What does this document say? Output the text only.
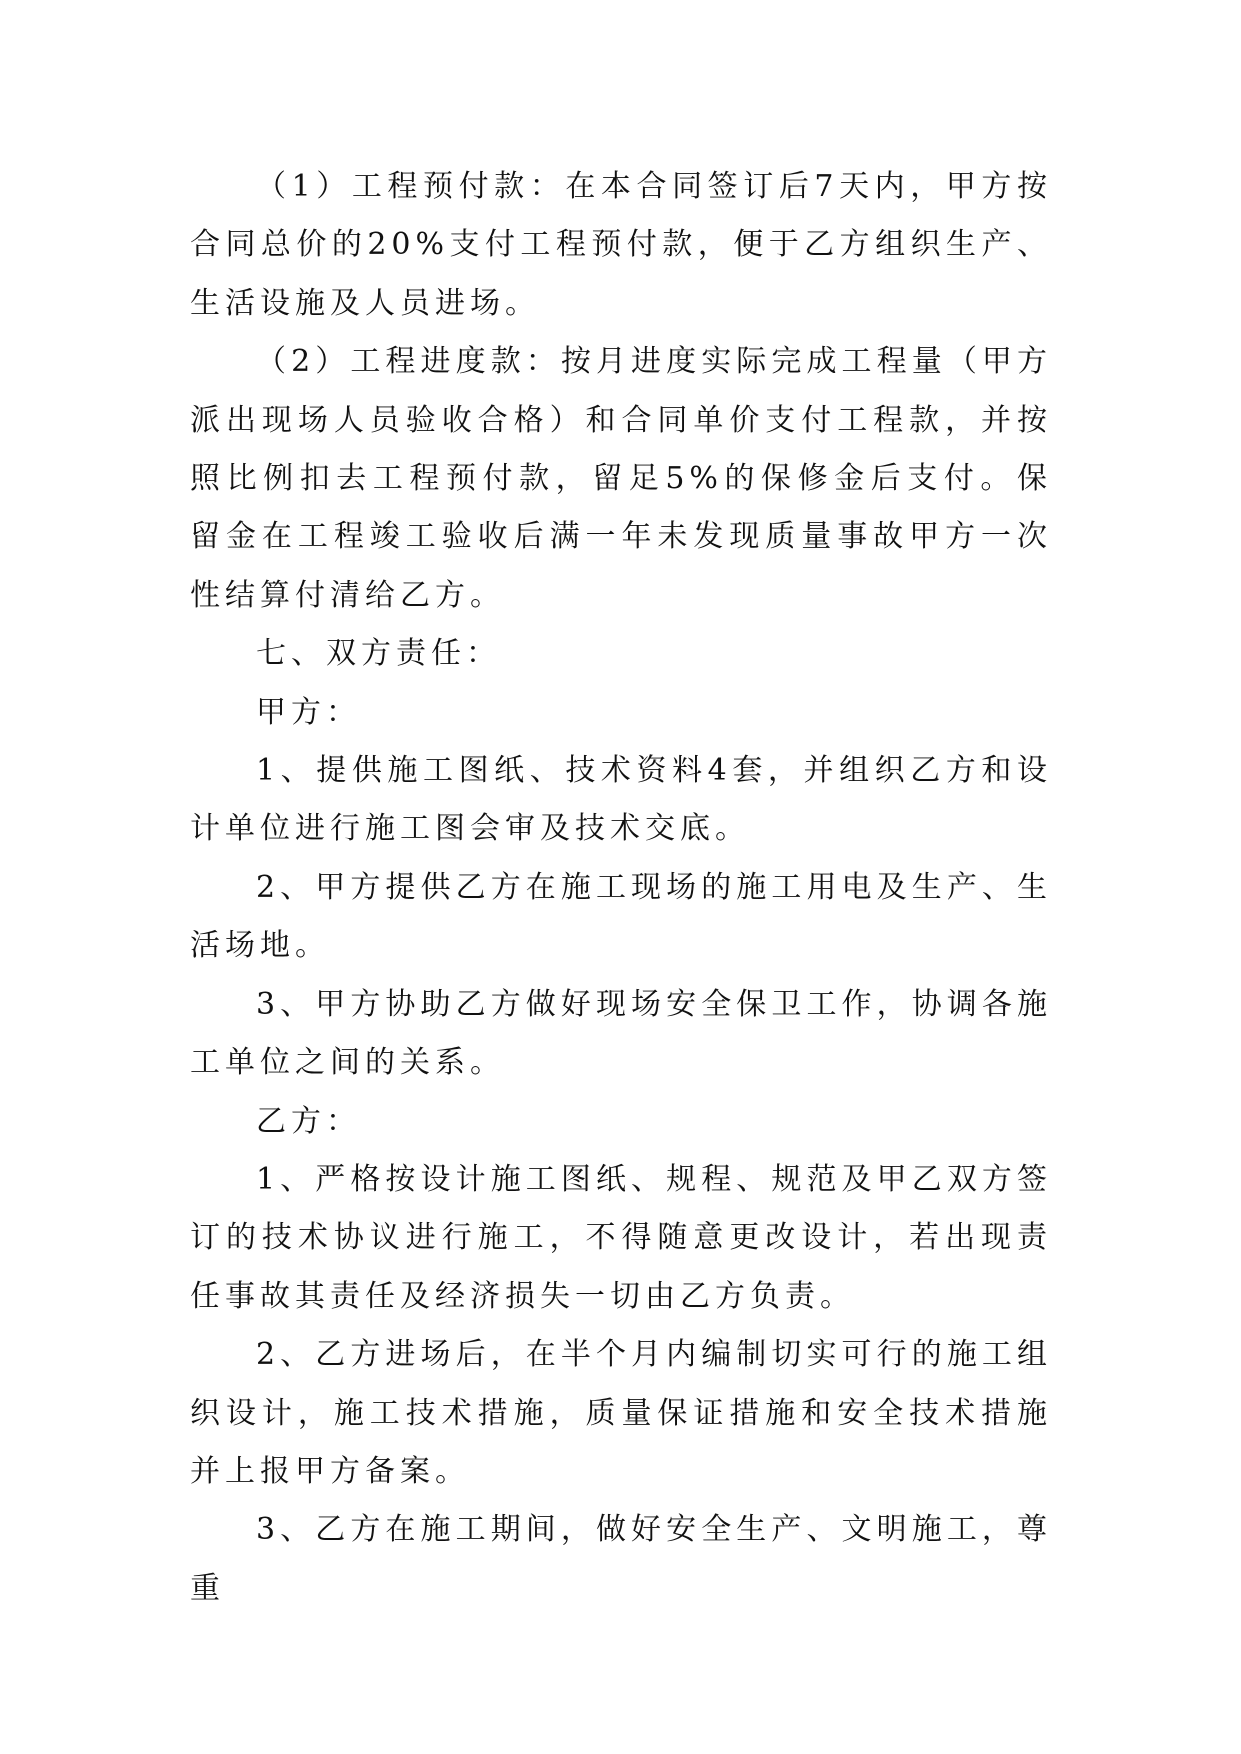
（1）工程预付款：在本合同签订后7天内，甲方按合同总价的20%支付工程预付款，便于乙方组织生产、生活设施及人员进场。

（2）工程进度款：按月进度实际完成工程量（甲方派出现场人员验收合格）和合同单价支付工程款，并按照比例扣去工程预付款，留足5%的保修金后支付。保留金在工程竣工验收后满一年未发现质量事故甲方一次性结算付清给乙方。

七、双方责任：

甲方：

1、提供施工图纸、技术资料4套，并组织乙方和设计单位进行施工图会审及技术交底。

2、甲方提供乙方在施工现场的施工用电及生产、生活场地。

3、甲方协助乙方做好现场安全保卫工作，协调各施工单位之间的关系。

乙方：

1、严格按设计施工图纸、规程、规范及甲乙双方签订的技术协议进行施工，不得随意更改设计，若出现责任事故其责任及经济损失一切由乙方负责。

2、乙方进场后，在半个月内编制切实可行的施工组织设计，施工技术措施，质量保证措施和安全技术措施并上报甲方备案。

3、乙方在施工期间，做好安全生产、文明施工，尊重
